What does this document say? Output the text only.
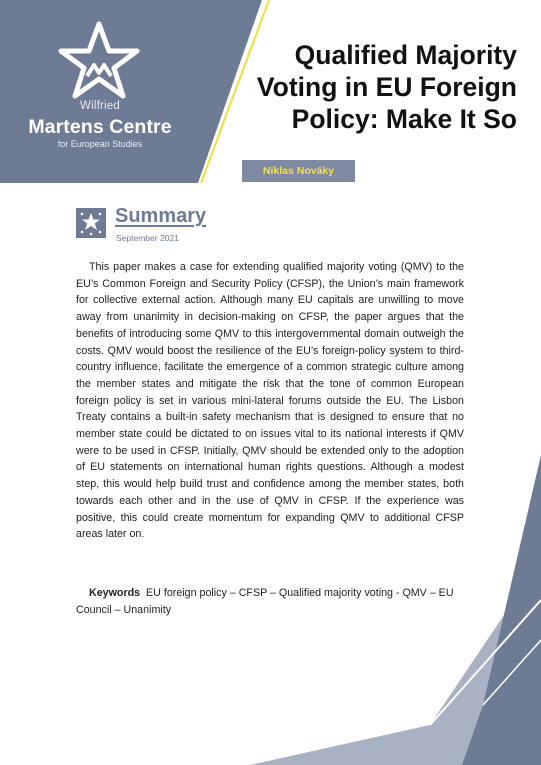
Wilfried
Martens Centre
for European Studies
Qualified Majority Voting in EU Foreign Policy: Make It So
Niklas Nováky
Summary
September 2021

This paper makes a case for extending qualified majority voting (QMV) to the EU’s Common Foreign and Security Policy (CFSP), the Union’s main framework for collective external action. Although many EU capitals are unwilling to move away from unanimity in decision-making on CFSP, the paper argues that the benefits of introducing some QMV to this intergovernmental domain outweigh the costs. QMV would boost the resilience of the EU’s foreign-policy system to third-country influence, facilitate the emergence of a common strategic culture among the member states and mitigate the risk that the tone of common European foreign policy is set in various mini-lateral forums outside the EU. The Lisbon Treaty contains a built-in safety mechanism that is designed to ensure that no member state could be dictated to on issues vital to its national interests if QMV were to be used in CFSP. Initially, QMV should be extended only to the adoption of EU statements on international human rights questions. Although a modest step, this would help build trust and confidence among the member states, both towards each other and in the use of QMV in CFSP. If the experience was positive, this could create momentum for expanding QMV to additional CFSP areas later on.

Keywords EU foreign policy – CFSP – Qualified majority voting - QMV – EU Council – Unanimity
